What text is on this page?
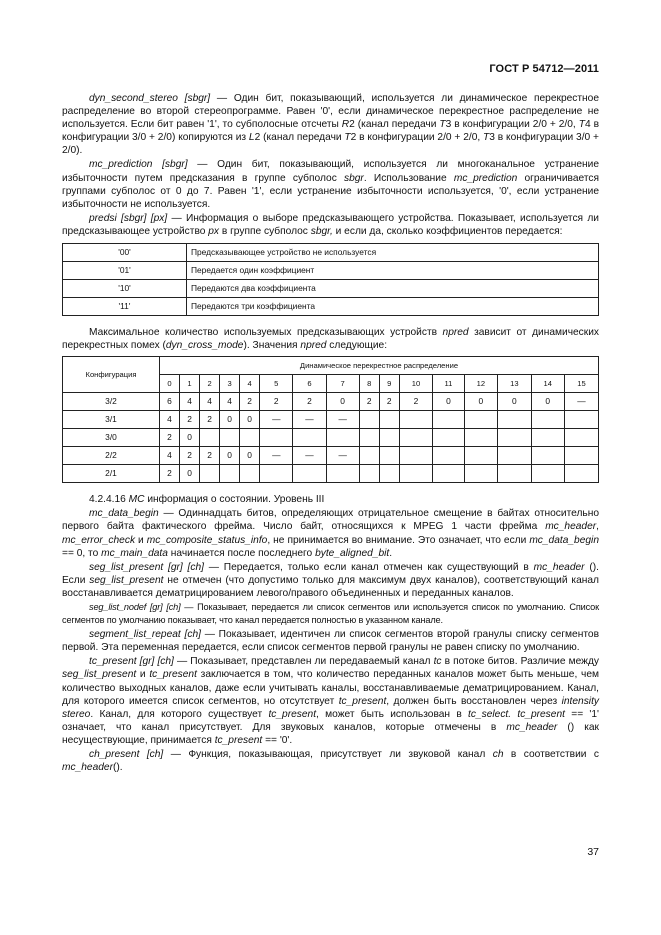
ГОСТ Р 54712—2011

dyn_second_stereo [sbgr] — Один бит, показывающий, используется ли динамическое перекрестное распределение во второй стереопрограмме. Равен '0', если динамическое перекрестное распределение не используется. Если бит равен '1', то субполосные отсчеты R2 (канал передачи T3 в конфигурации 2/0 + 2/0, T4 в конфигурации 3/0 + 2/0) копируются из L2 (канал передачи T2 в конфигурации 2/0 + 2/0, T3 в конфигурации 3/0 + 2/0).

mc_prediction [sbgr] — Один бит, показывающий, используется ли многоканальное устранение избыточности путем предсказания в группе субполос sbgr. Использование mc_prediction ограничивается группами субполос от 0 до 7. Равен '1', если устранение избыточности используется, '0', если устранение избыточности не используется.

predsi [sbgr] [px] — Информация о выборе предсказывающего устройства. Показывает, используется ли предсказывающее устройство px в группе субполос sbgr, и если да, сколько коэффициентов передается:

'00'	Предсказывающее устройство не используется
'01'	Передается один коэффициент
'10'	Передаются два коэффициента
'11'	Передаются три коэффициента

Максимальное количество используемых предсказывающих устройств npred зависит от динамических перекрестных помех (dyn_cross_mode). Значения npred следующие:

Конфигурация	Динамическое перекрестное распределение															
	0	1	2	3	4	5	6	7	8	9	10	11	12	13	14	15
3/2	6	4	4	4	2	2	2	0	2	2	2	0	0	0	0	—
3/1	4	2	2	0	0	—	—	—								
3/0	2	0														
2/2	4	2	2	0	0	—	—	—								
2/1	2	0														

4.2.4.16 МС информация о состоянии. Уровень III

mc_data_begin — Одиннадцать битов, определяющих отрицательное смещение в байтах относительно первого байта фактического фрейма. Число байт, относящихся к MPEG 1 части фрейма mc_header, mc_error_check и mc_composite_status_info, не принимается во внимание. Это означает, что если mc_data_begin == 0, то mc_main_data начинается после последнего byte_aligned_bit.

seg_list_present [gr] [ch] — Передается, только если канал отмечен как существующий в mc_header (). Если seg_list_present не отмечен (что допустимо только для максимум двух каналов), соответствующий канал восстанавливается дематрицированием левого/правого объединенных и переданных каналов.

seg_list_nodef [gr] [ch] — Показывает, передается ли список сегментов или используется список по умолчанию. Список сегментов по умолчанию показывает, что канал передается полностью в указанном канале.

segment_list_repeat [ch] — Показывает, идентичен ли список сегментов второй гранулы списку сегментов первой. Эта переменная передается, если список сегментов первой гранулы не равен списку по умолчанию.

tc_present [gr] [ch] — Показывает, представлен ли передаваемый канал tc в потоке битов. Различие между seg_list_present и tc_present заключается в том, что количество переданных каналов может быть меньше, чем количество выходных каналов, даже если учитывать каналы, восстанавливаемые дематрицированием. Канал, для которого имеется список сегментов, но отсутствует tc_present, должен быть восстановлен через intensity stereo. Канал, для которого существует tc_present, может быть использован в tc_select. tc_present == '1' означает, что канал присутствует. Для звуковых каналов, которые отмечены в mc_header () как несуществующие, принимается tc_present == '0'.

ch_present [ch] — Функция, показывающая, присутствует ли звуковой канал ch в соответствии с mc_header().

37
